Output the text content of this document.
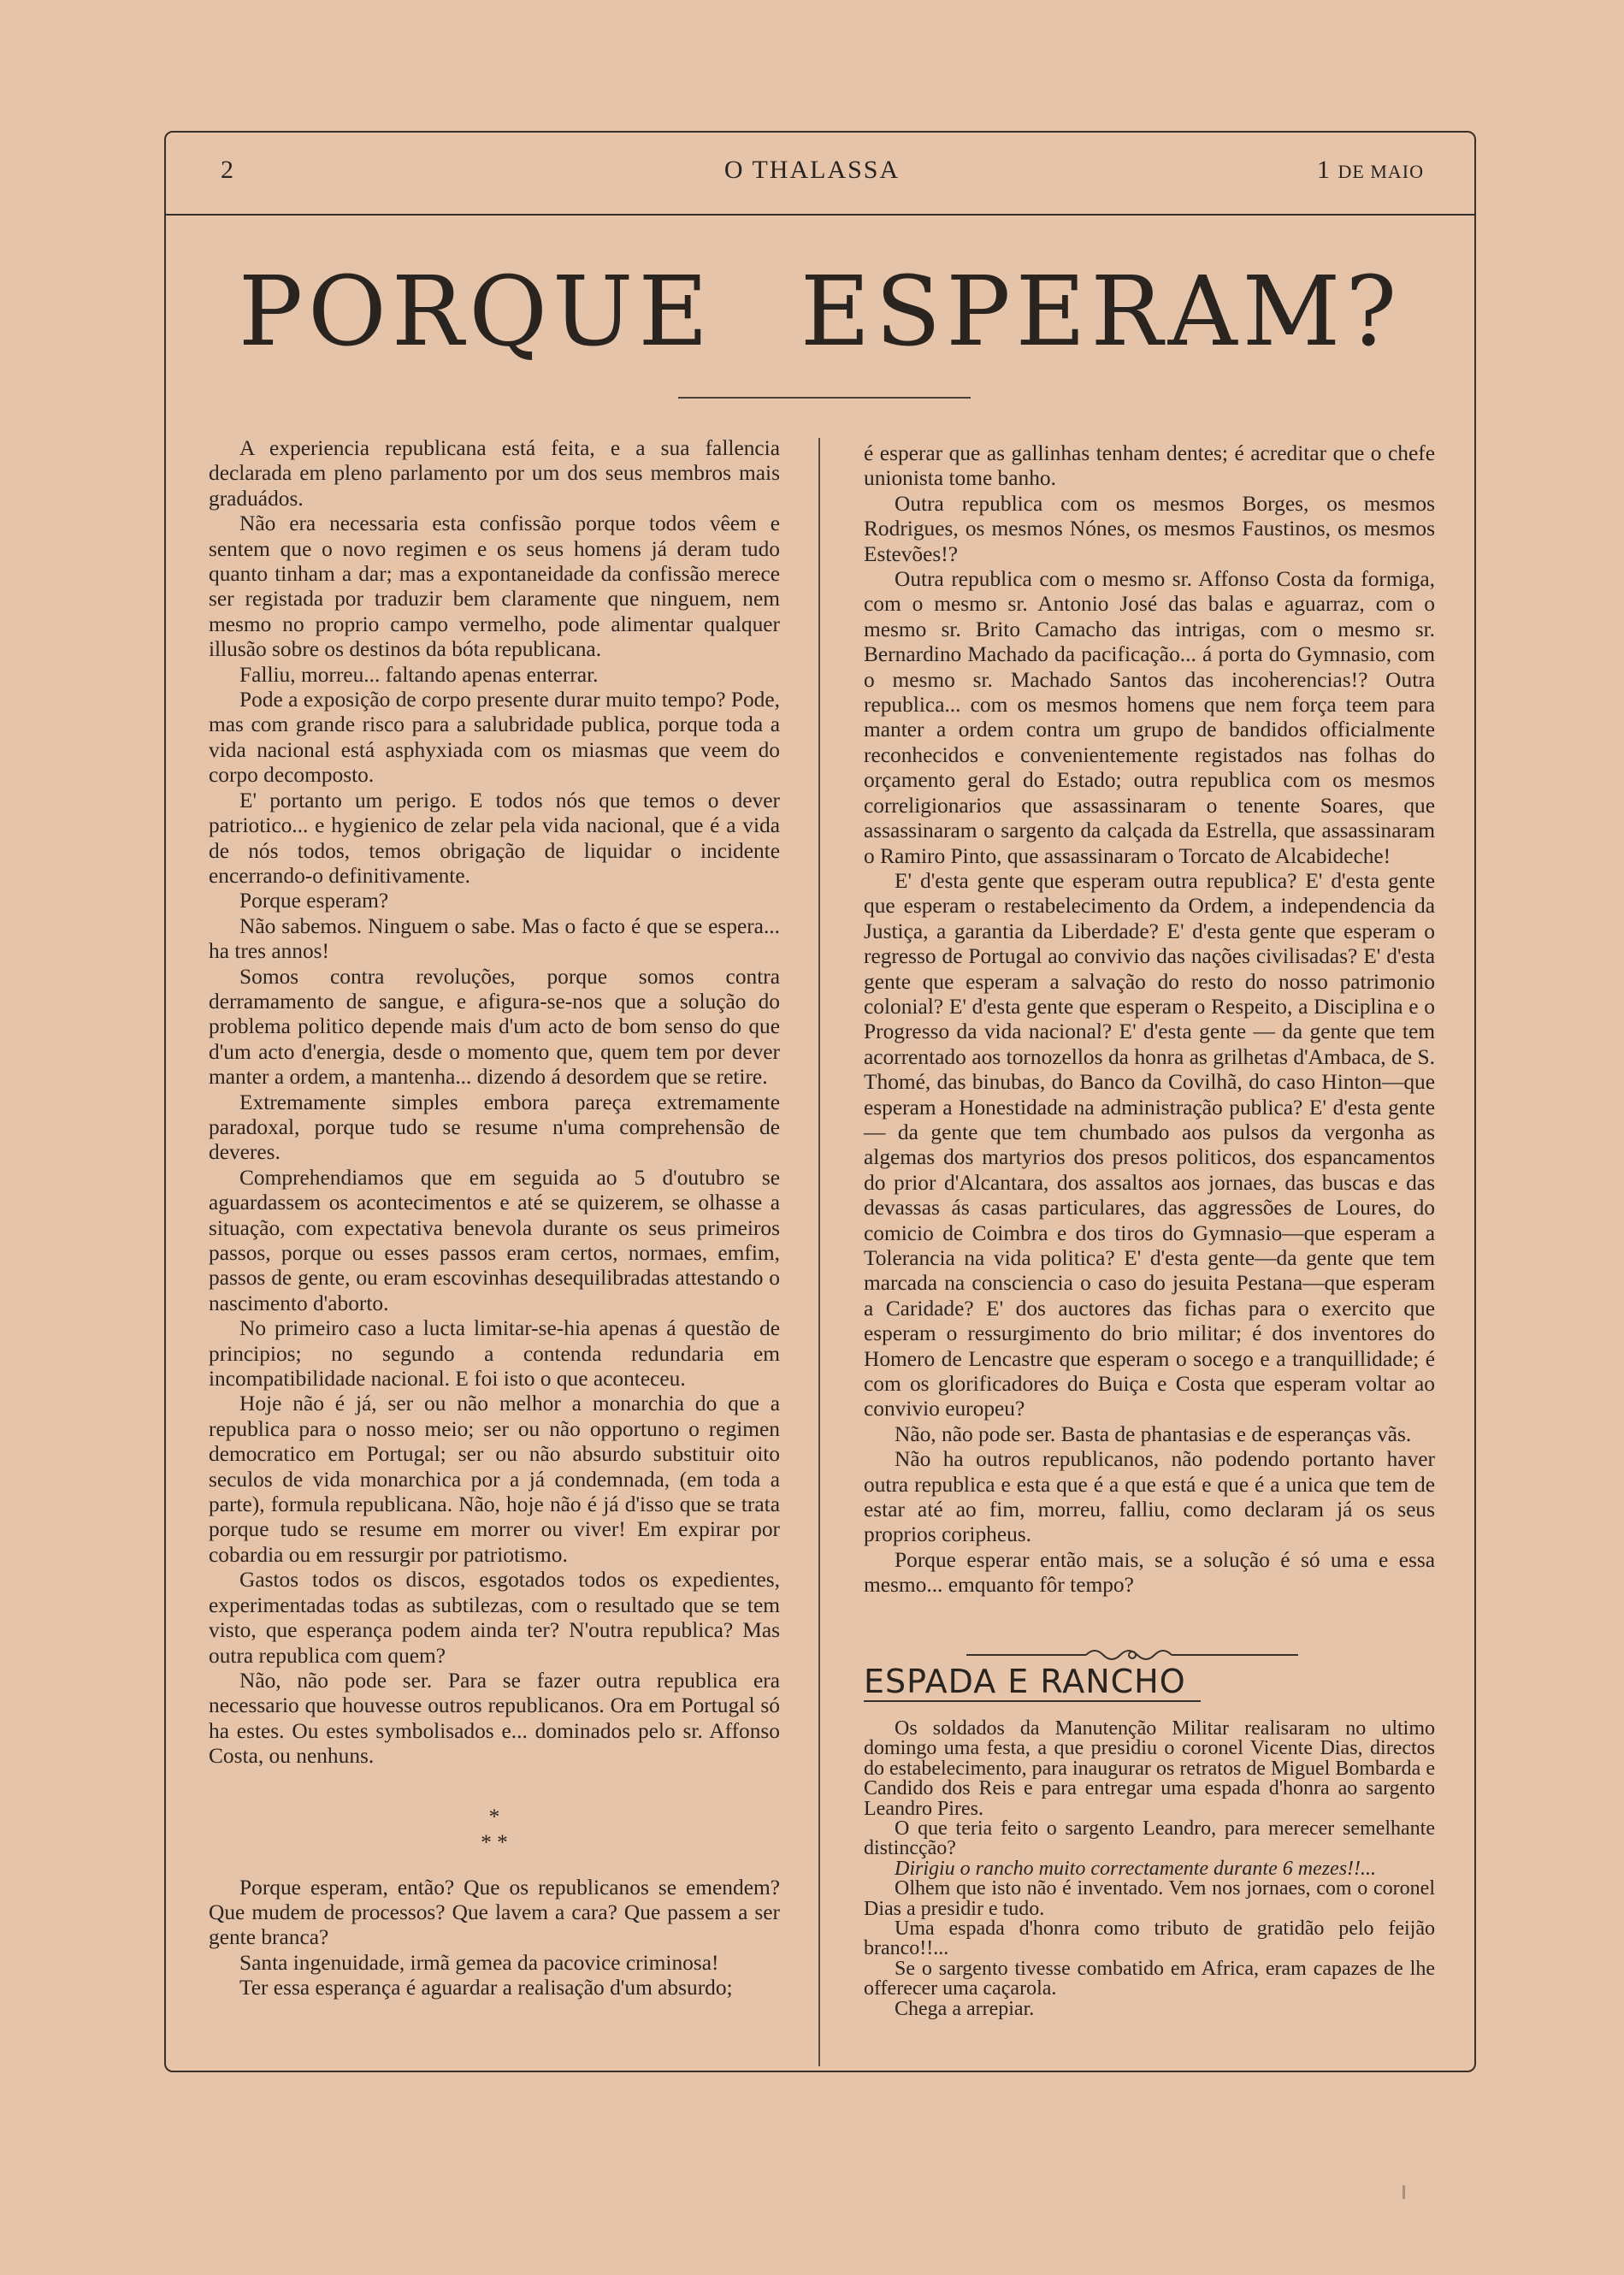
2	O THALASSA	1 DE MAIO
PORQUE ESPERAM?

A experiencia republicana está feita, e a sua fallencia declarada em pleno parlamento por um dos seus membros mais graduádos.

Não era necessaria esta confissão porque todos vêem e sentem que o novo regimen e os seus homens já deram tudo quanto tinham a dar; mas a expontaneidade da confissão merece ser registada por traduzir bem claramente que ninguem, nem mesmo no proprio campo vermelho, pode alimentar qualquer illusão sobre os destinos da bóta republicana.

Falliu, morreu... faltando apenas enterrar.

Pode a exposição de corpo presente durar muito tempo? Pode, mas com grande risco para a salubridade publica, porque toda a vida nacional está asphyxiada com os miasmas que veem do corpo decomposto.

E' portanto um perigo. E todos nós que temos o dever patriotico... e hygienico de zelar pela vida nacional, que é a vida de nós todos, temos obrigação de liquidar o incidente encerrando-o definitivamente.

Porque esperam?

Não sabemos. Ninguem o sabe. Mas o facto é que se espera... ha tres annos!

Somos contra revoluções, porque somos contra derramamento de sangue, e afigura-se-nos que a solução do problema politico depende mais d'um acto de bom senso do que d'um acto d'energia, desde o momento que, quem tem por dever manter a ordem, a mantenha... dizendo á desordem que se retire.

Extremamente simples embora pareça extremamente paradoxal, porque tudo se resume n'uma comprehensão de deveres.

Comprehendiamos que em seguida ao 5 d'outubro se aguardassem os acontecimentos e até se quizerem, se olhasse a situação, com expectativa benevola durante os seus primeiros passos, porque ou esses passos eram certos, normaes, emfim, passos de gente, ou eram escovinhas desequilibradas attestando o nascimento d'aborto.

No primeiro caso a lucta limitar-se-hia apenas á questão de principios; no segundo a contenda redundaria em incompatibilidade nacional. E foi isto o que aconteceu.

Hoje não é já, ser ou não melhor a monarchia do que a republica para o nosso meio; ser ou não opportuno o regimen democratico em Portugal; ser ou não absurdo substituir oito seculos de vida monarchica por a já condemnada, (em toda a parte), formula republicana. Não, hoje não é já d'isso que se trata porque tudo se resume em morrer ou viver! Em expirar por cobardia ou em ressurgir por patriotismo.

Gastos todos os discos, esgotados todos os expedientes, experimentadas todas as subtilezas, com o resultado que se tem visto, que esperança podem ainda ter? N'outra republica? Mas outra republica com quem?

Não, não pode ser. Para se fazer outra republica era necessario que houvesse outros republicanos. Ora em Portugal só ha estes. Ou estes symbolisados e... dominados pelo sr. Affonso Costa, ou nenhuns.

*
* *

Porque esperam, então? Que os republicanos se emendem? Que mudem de processos? Que lavem a cara? Que passem a ser gente branca?

Santa ingenuidade, irmã gemea da pacovice criminosa!

Ter essa esperança é aguardar a realisação d'um absurdo;

é esperar que as gallinhas tenham dentes; é acreditar que o chefe unionista tome banho.

Outra republica com os mesmos Borges, os mesmos Rodrigues, os mesmos Nónes, os mesmos Faustinos, os mesmos Estevões!?

Outra republica com o mesmo sr. Affonso Costa da formiga, com o mesmo sr. Antonio José das balas e aguarraz, com o mesmo sr. Brito Camacho das intrigas, com o mesmo sr. Bernardino Machado da pacificação... á porta do Gymnasio, com o mesmo sr. Machado Santos das incoherencias!? Outra republica... com os mesmos homens que nem força teem para manter a ordem contra um grupo de bandidos officialmente reconhecidos e convenientemente registados nas folhas do orçamento geral do Estado; outra republica com os mesmos correligionarios que assassinaram o tenente Soares, que assassinaram o sargento da calçada da Estrella, que assassinaram o Ramiro Pinto, que assassinaram o Torcato de Alcabideche!

E' d'esta gente que esperam outra republica? E' d'esta gente que esperam o restabelecimento da Ordem, a independencia da Justiça, a garantia da Liberdade? E' d'esta gente que esperam o regresso de Portugal ao convivio das nações civilisadas? E' d'esta gente que esperam a salvação do resto do nosso patrimonio colonial? E' d'esta gente que esperam o Respeito, a Disciplina e o Progresso da vida nacional? E' d'esta gente — da gente que tem acorrentado aos tornozellos da honra as grilhetas d'Ambaca, de S. Thomé, das binubas, do Banco da Covilhã, do caso Hinton—que esperam a Honestidade na administração publica? E' d'esta gente — da gente que tem chumbado aos pulsos da vergonha as algemas dos martyrios dos presos politicos, dos espancamentos do prior d'Alcantara, dos assaltos aos jornaes, das buscas e das devassas ás casas particulares, das aggressões de Loures, do comicio de Coimbra e dos tiros do Gymnasio—que esperam a Tolerancia na vida politica? E' d'esta gente—da gente que tem marcada na consciencia o caso do jesuita Pestana—que esperam a Caridade? E' dos auctores das fichas para o exercito que esperam o ressurgimento do brio militar; é dos inventores do Homero de Lencastre que esperam o socego e a tranquillidade; é com os glorificadores do Buiça e Costa que esperam voltar ao convivio europeu?

Não, não pode ser. Basta de phantasias e de esperanças vãs.

Não ha outros republicanos, não podendo portanto haver outra republica e esta que é a que está e que é a unica que tem de estar até ao fim, morreu, falliu, como declaram já os seus proprios coripheus.

Porque esperar então mais, se a solução é só uma e essa mesmo... emquanto fôr tempo?

ESPADA E RANCHO

Os soldados da Manutenção Militar realisaram no ultimo domingo uma festa, a que presidiu o coronel Vicente Dias, directos do estabelecimento, para inaugurar os retratos de Miguel Bombarda e Candido dos Reis e para entregar uma espada d'honra ao sargento Leandro Pires.

O que teria feito o sargento Leandro, para merecer semelhante distincção?

Dirigiu o rancho muito correctamente durante 6 mezes!!...

Olhem que isto não é inventado. Vem nos jornaes, com o coronel Dias a presidir e tudo.

Uma espada d'honra como tributo de gratidão pelo feijão branco!!...

Se o sargento tivesse combatido em Africa, eram capazes de lhe offerecer uma caçarola.

Chega a arrepiar.
